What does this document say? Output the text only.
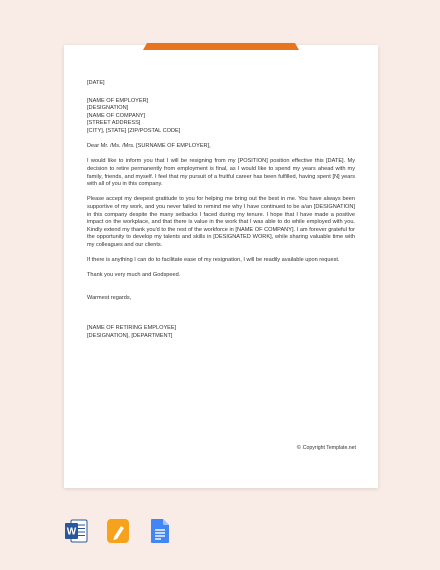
[DATE]

[NAME OF EMPLOYER]

[DESIGNATION]

[NAME OF COMPANY]

[STREET ADDRESS]

[CITY], [STATE] [ZIP/POSTAL CODE]

Dear Mr. /Ms. /Mrs. [SURNAME OF EMPLOYER],

I would like to inform you that I will be resigning from my [POSITION] position effective this [DATE]. My decision to retire permanently from employment is final, as I would like to spend my years ahead with my family, friends, and myself. I feel that my pursuit of a fruitful career has been fulfilled, having spent [N] years with all of you in this company.

Please accept my deepest gratitude to you for helping me bring out the best in me. You have always been supportive of my work, and you never failed to remind me why I have continued to be a/an [DESIGNATION] in this company despite the many setbacks I faced during my tenure. I hope that I have made a positive impact on the workplace, and that there is value in the work that I was able to do while employed with you. Kindly extend my thank you'd to the rest of the workforce in [NAME OF COMPANY]. I am forever grateful for the opportunity to develop my talents and skills in [DESIGNATED WORK], while sharing valuable time with my colleagues and our clients.

If there is anything I can do to facilitate ease of my resignation, I will be readily available upon request.

Thank you very much and Godspeed.

Warmest regards,

[NAME OF RETIRING EMPLOYEE]

[DESIGNATION], [DEPARTMENT]

© Copyright Template.net
W
